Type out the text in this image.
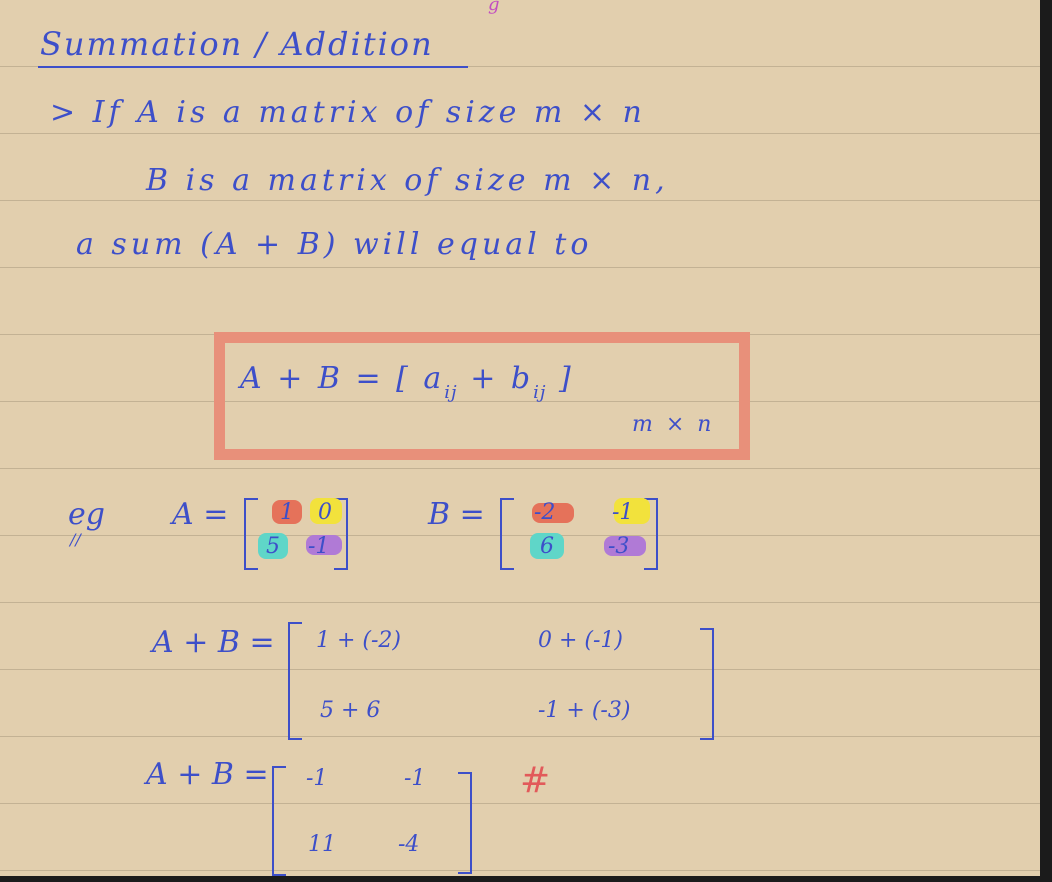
g
Summation / Addition
> If A is a matrix of size m × n
B is a matrix of size m × n,
a sum (A + B) will equal to
A + B = [ $a_{ij} + b_{ij}$ ]
m × n
eg
//
A = 1 0
5 -1
B = -2	-1
6 -3
A + B = 1 + (-2)	0 + (-1)
5 + 6	-1 + (-3)
A + B = -1	-1
11	-4
#
